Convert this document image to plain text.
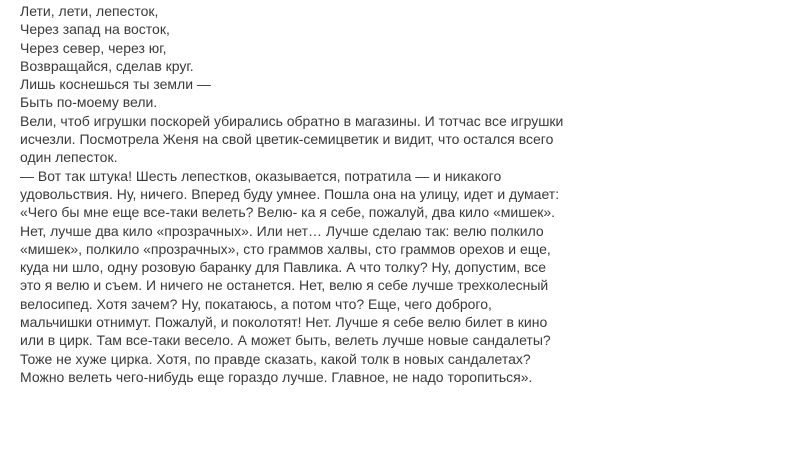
Лети, лети, лепесток,
Через запад на восток,
Через север, через юг,
Возвращайся, сделав круг.
Лишь коснешься ты земли —
Быть по-моему вели.
Вели, чтоб игрушки поскорей убирались обратно в магазины. И тотчас все игрушки
исчезли. Посмотрела Женя на свой цветик-семицветик и видит, что остался всего
один лепесток.
— Вот так штука! Шесть лепестков, оказывается, потратила — и никакого
удовольствия. Ну, ничего. Вперед буду умнее. Пошла она на улицу, идет и думает:
«Чего бы мне еще все-таки велеть? Велю- ка я себе, пожалуй, два кило «мишек».
Нет, лучше два кило «прозрачных». Или нет… Лучше сделаю так: велю полкило
«мишек», полкило «прозрачных», сто граммов халвы, сто граммов орехов и еще,
куда ни шло, одну розовую баранку для Павлика. А что толку? Ну, допустим, все
это я велю и съем. И ничего не останется. Нет, велю я себе лучше трехколесный
велосипед. Хотя зачем? Ну, покатаюсь, а потом что? Еще, чего доброго,
мальчишки отнимут. Пожалуй, и поколотят! Нет. Лучше я себе велю билет в кино
или в цирк. Там все-таки весело. А может быть, велеть лучше новые сандалеты?
Тоже не хуже цирка. Хотя, по правде сказать, какой толк в новых сандалетах?
Можно велеть чего-нибудь еще гораздо лучше. Главное, не надо торопиться».
